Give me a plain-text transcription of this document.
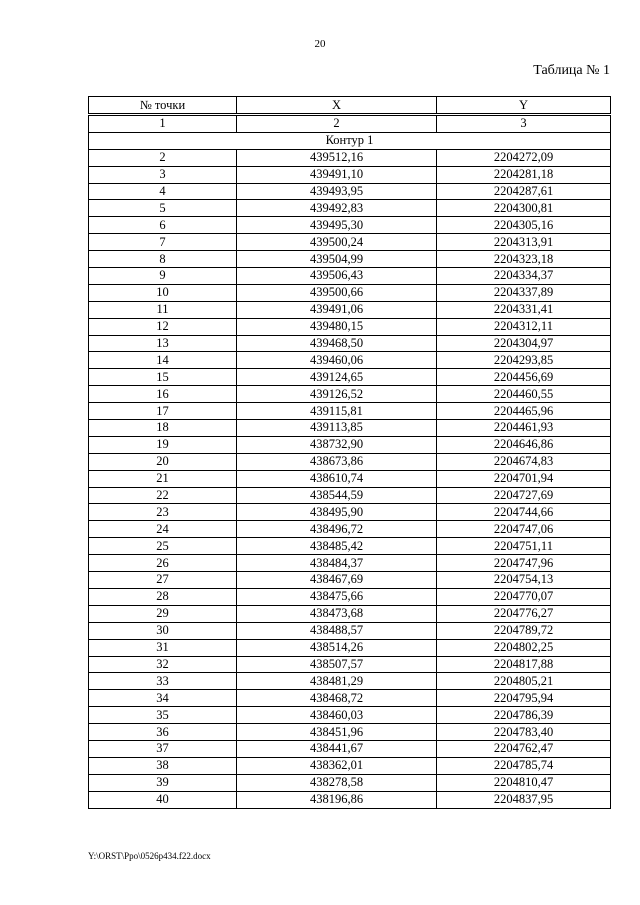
20
Таблица № 1
№ точки	X	Y
1	2	3
Контур 1		
2	439512,16	2204272,09
3	439491,10	2204281,18
4	439493,95	2204287,61
5	439492,83	2204300,81
6	439495,30	2204305,16
7	439500,24	2204313,91
8	439504,99	2204323,18
9	439506,43	2204334,37
10	439500,66	2204337,89
11	439491,06	2204331,41
12	439480,15	2204312,11
13	439468,50	2204304,97
14	439460,06	2204293,85
15	439124,65	2204456,69
16	439126,52	2204460,55
17	439115,81	2204465,96
18	439113,85	2204461,93
19	438732,90	2204646,86
20	438673,86	2204674,83
21	438610,74	2204701,94
22	438544,59	2204727,69
23	438495,90	2204744,66
24	438496,72	2204747,06
25	438485,42	2204751,11
26	438484,37	2204747,96
27	438467,69	2204754,13
28	438475,66	2204770,07
29	438473,68	2204776,27
30	438488,57	2204789,72
31	438514,26	2204802,25
32	438507,57	2204817,88
33	438481,29	2204805,21
34	438468,72	2204795,94
35	438460,03	2204786,39
36	438451,96	2204783,40
37	438441,67	2204762,47
38	438362,01	2204785,74
39	438278,58	2204810,47
40	438196,86	2204837,95
Y:\ORST\Ppo\0526p434.f22.docx
